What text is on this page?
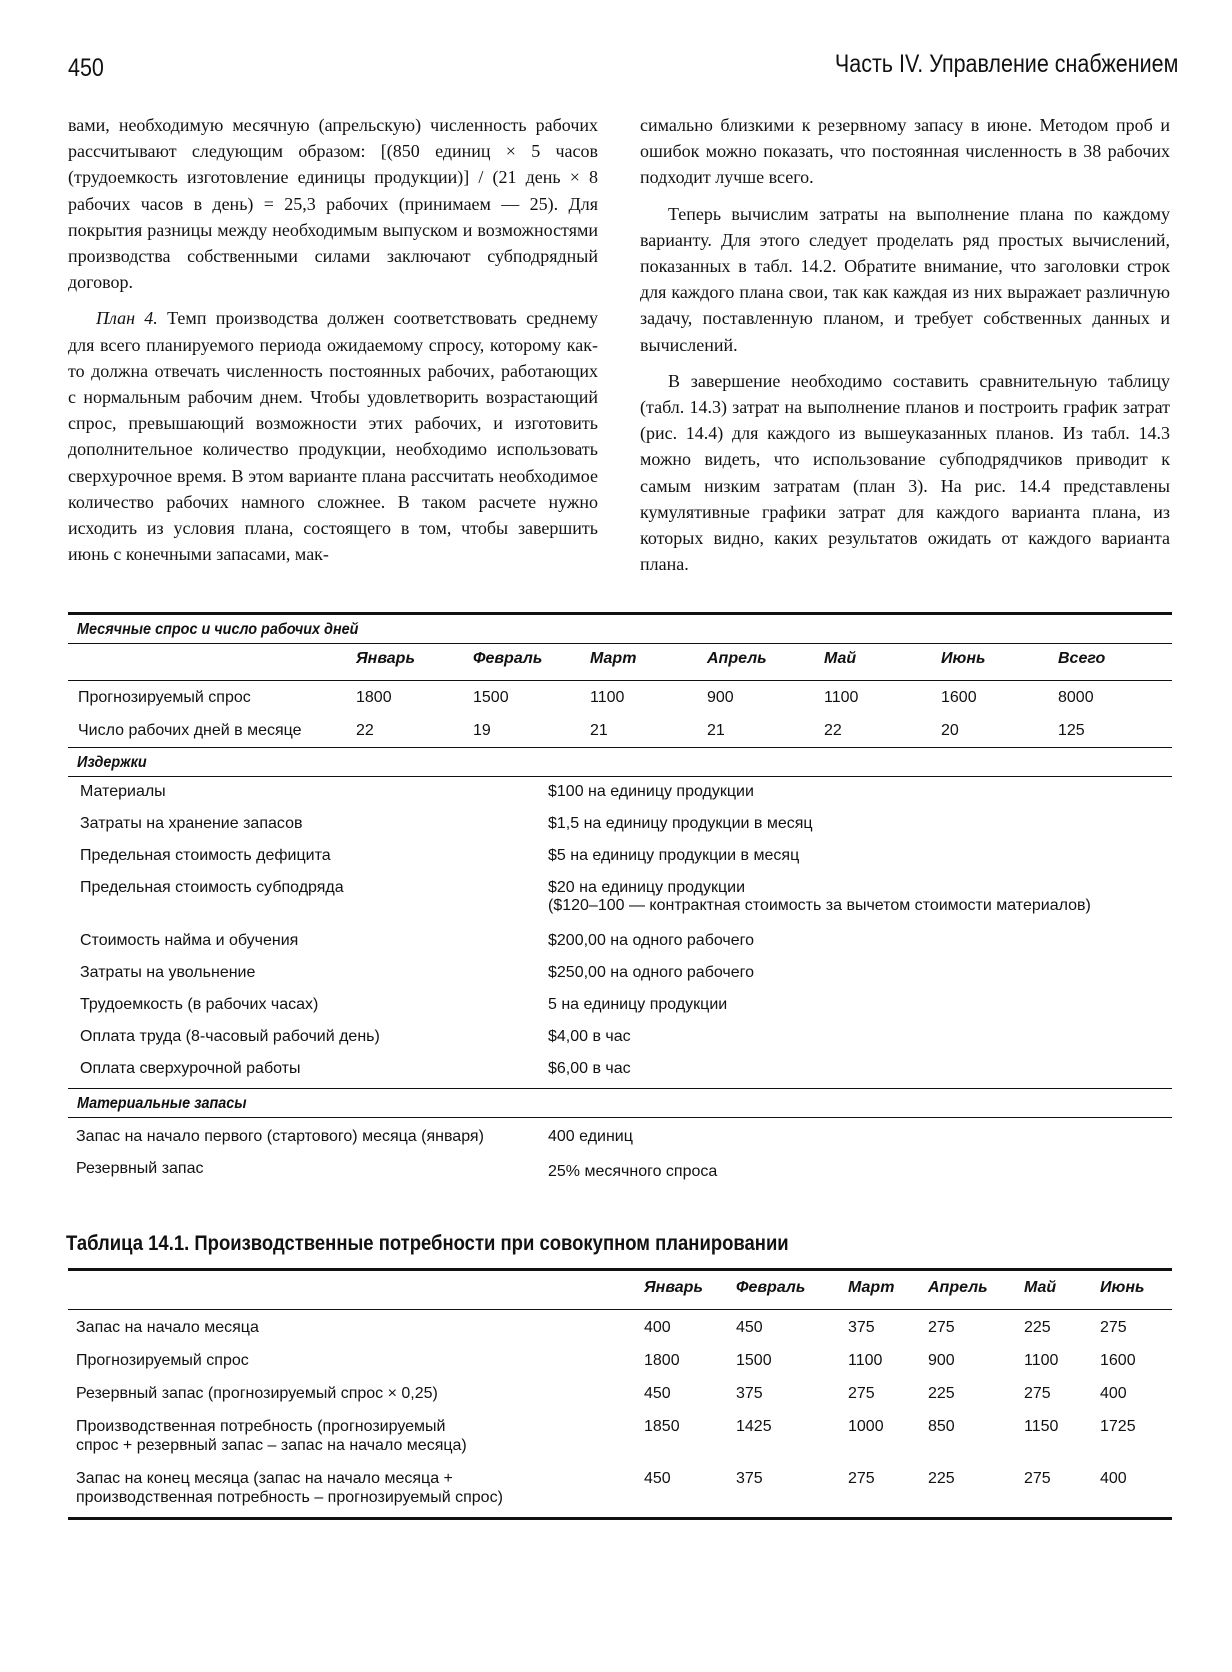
450	Часть IV. Управление снабжением

вами, необходимую месячную (апрельскую) численность рабочих рассчитывают следующим образом: [(850 единиц × 5 часов (трудоемкость изготовление единицы продукции)] / (21 день × 8 рабочих часов в день) = 25,3 рабочих (принимаем — 25). Для покрытия разницы между необходимым выпуском и возможностями производства собственными силами заключают субподрядный договор.

План 4. Темп производства должен соответствовать среднему для всего планируемого периода ожидаемому спросу, которому как-то должна отвечать численность постоянных рабочих, работающих с нормальным рабочим днем. Чтобы удовлетворить возрастающий спрос, превышающий возможности этих рабочих, и изготовить дополнительное количество продукции, необходимо использовать сверхурочное время. В этом варианте плана рассчитать необходимое количество рабочих намного сложнее. В таком расчете нужно исходить из условия плана, состоящего в том, чтобы завершить июнь с конечными запасами, мак-

симально близкими к резервному запасу в июне. Методом проб и ошибок можно показать, что постоянная численность в 38 рабочих подходит лучше всего.

Теперь вычислим затраты на выполнение плана по каждому варианту. Для этого следует проделать ряд простых вычислений, показанных в табл. 14.2. Обратите внимание, что заголовки строк для каждого плана свои, так как каждая из них выражает различную задачу, поставленную планом, и требует собственных данных и вычислений.

В завершение необходимо составить сравнительную таблицу (табл. 14.3) затрат на выполнение планов и построить график затрат (рис. 14.4) для каждого из вышеуказанных планов. Из табл. 14.3 можно видеть, что использование субподрядчиков приводит к самым низким затратам (план 3). На рис. 14.4 представлены кумулятивные графики затрат для каждого варианта плана, из которых видно, каких результатов ожидать от каждого варианта плана.

Месячные спрос и число рабочих дней
Январь	Февраль	Март	Апрель	Май	Июнь	Всего
Прогнозируемый спрос	1800	1500	1100	900	1100	1600	8000
Число рабочих дней в месяце	22	19	21	21	22	20	125
Издержки
Материалы	$100 на единицу продукции
Затраты на хранение запасов	$1,5 на единицу продукции в месяц
Предельная стоимость дефицита	$5 на единицу продукции в месяц
Предельная стоимость субподряда	$20 на единицу продукции
($120–100 — контрактная стоимость за вычетом стоимости материалов)
Стоимость найма и обучения	$200,00 на одного рабочего
Затраты на увольнение	$250,00 на одного рабочего
Трудоемкость (в рабочих часах)	5 на единицу продукции
Оплата труда (8-часовый рабочий день)	$4,00 в час
Оплата сверхурочной работы	$6,00 в час
Материальные запасы
Запас на начало первого (стартового) месяца (января)	400 единиц
Резервный запас	25% месячного спроса
Таблица 14.1. Производственные потребности при совокупном планировании
Январь	Февраль	Март	Апрель	Май	Июнь
Запас на начало месяца	400	450	375	275	225	275
Прогнозируемый спрос	1800	1500	1100	900	1100	1600
Резервный запас (прогнозируемый спрос × 0,25)	450	375	275	225	275	400
Производственная потребность (прогнозируемый
спрос + резервный запас – запас на начало месяца)
1850	1425	1000	850	1150	1725
Запас на конец месяца (запас на начало месяца +
производственная потребность – прогнозируемый спрос)
450	375	275	225	275	400
